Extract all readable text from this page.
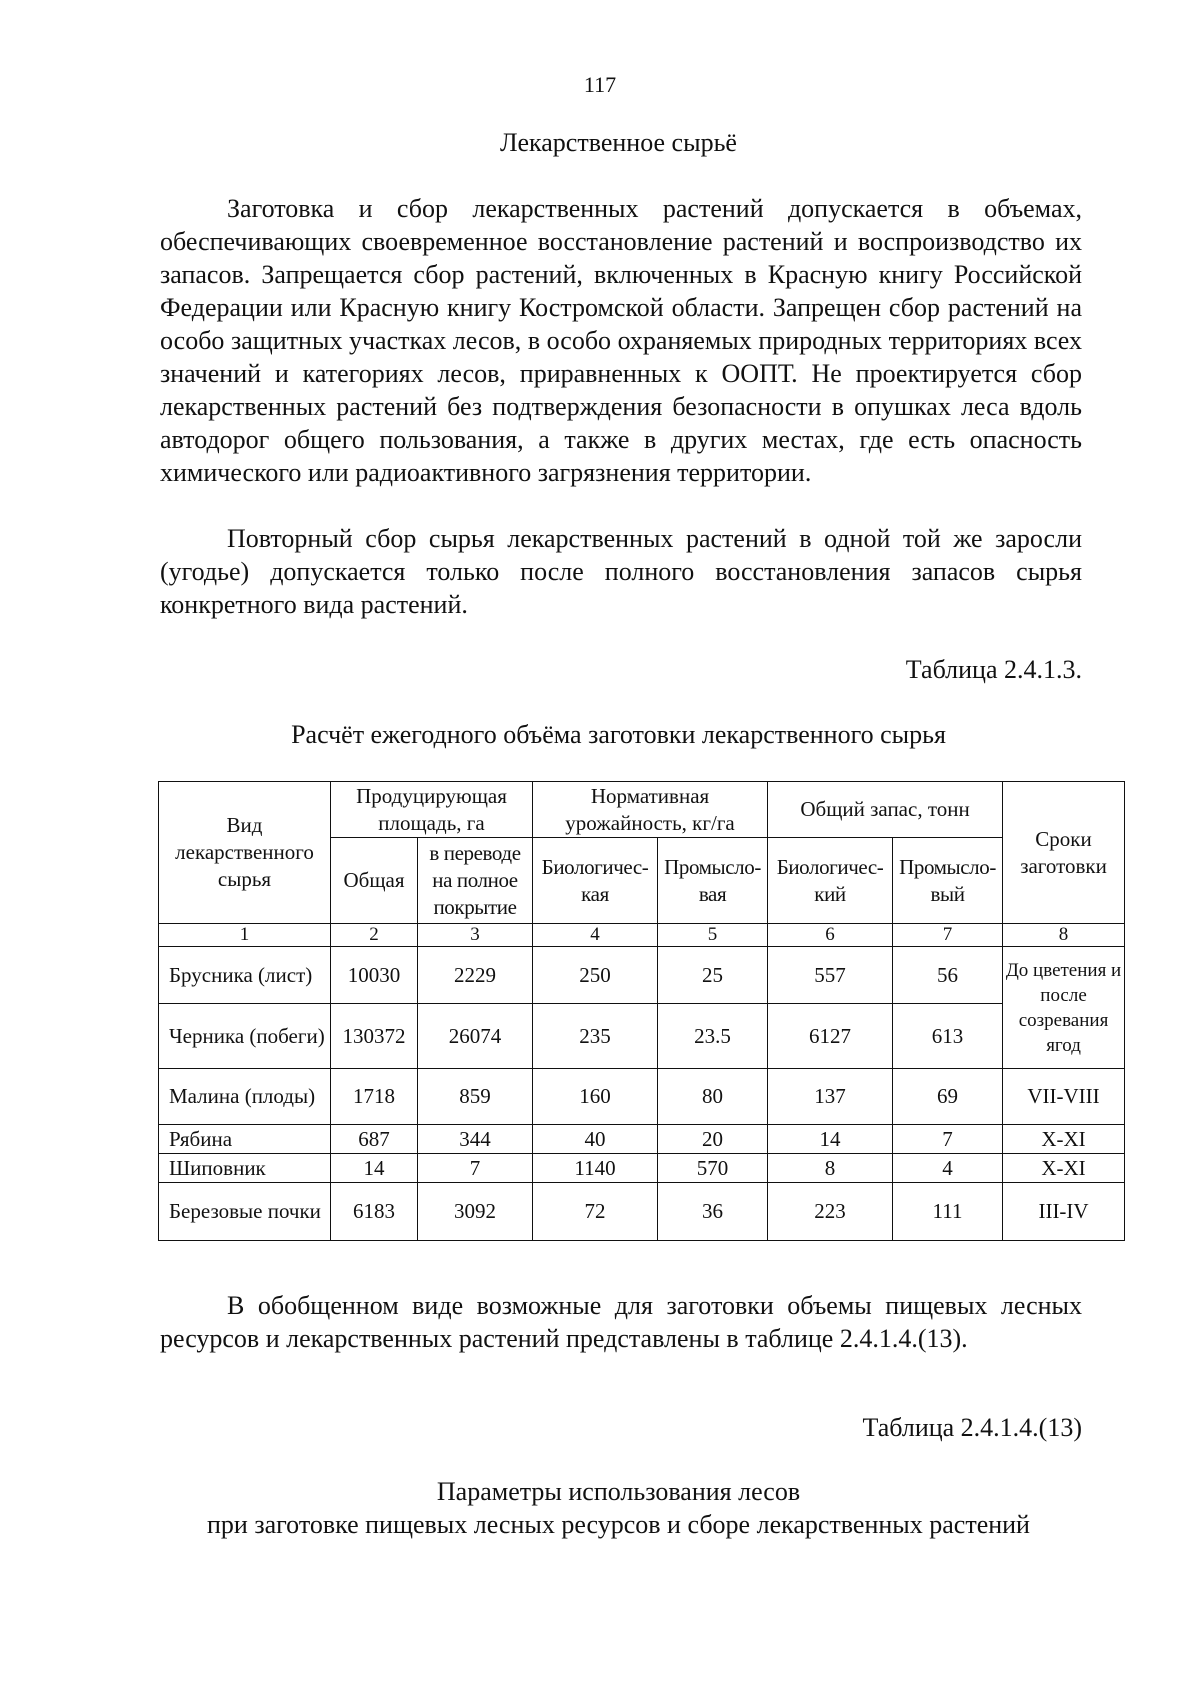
117
Лекарственное сырьё

Заготовка и сбор лекарственных растений допускается в объемах, обеспечивающих своевременное восстановление растений и воспроизводство их запасов. Запрещается сбор растений, включенных в Красную книгу Российской Федерации или Красную книгу Костромской области. Запрещен сбор растений на особо защитных участках лесов, в особо охраняемых природных территориях всех значений и категориях лесов, приравненных к ООПТ. Не проектируется сбор лекарственных растений без подтверждения безопасности в опушках леса вдоль автодорог общего пользования, а также в других местах, где есть опасность химического или радиоактивного загрязнения территории.

Повторный сбор сырья лекарственных растений в одной той же заросли (угодье) допускается только после полного восстановления запасов сырья конкретного вида растений.

Таблица 2.4.1.3.
Расчёт ежегодного объёма заготовки лекарственного сырья
Вид лекарственного сырья	Продуцирующая площадь, га		Нормативная урожайность, кг/га		Общий запас, тонн		Сроки заготовки
	Общая	в переводе на полное покрытие	Биологичес-кая	Промысло-вая	Биологичес-кий	Промысло-вый	
1	2	3	4	5	6	7	8
Брусника (лист)	10030	2229	250	25	557	56	До цветения и после созревания ягод
Черника (побеги)	130372	26074	235	23.5	6127	613	
Малина (плоды)	1718	859	160	80	137	69	VII-VIII
Рябина	687	344	40	20	14	7	X-XI
Шиповник	14	7	1140	570	8	4	X-XI
Березовые почки	6183	3092	72	36	223	111	III-IV

В обобщенном виде возможные для заготовки объемы пищевых лесных ресурсов и лекарственных растений представлены в таблице 2.4.1.4.(13).

Таблица 2.4.1.4.(13)
Параметры использования лесов
при заготовке пищевых лесных ресурсов и сборе лекарственных растений
